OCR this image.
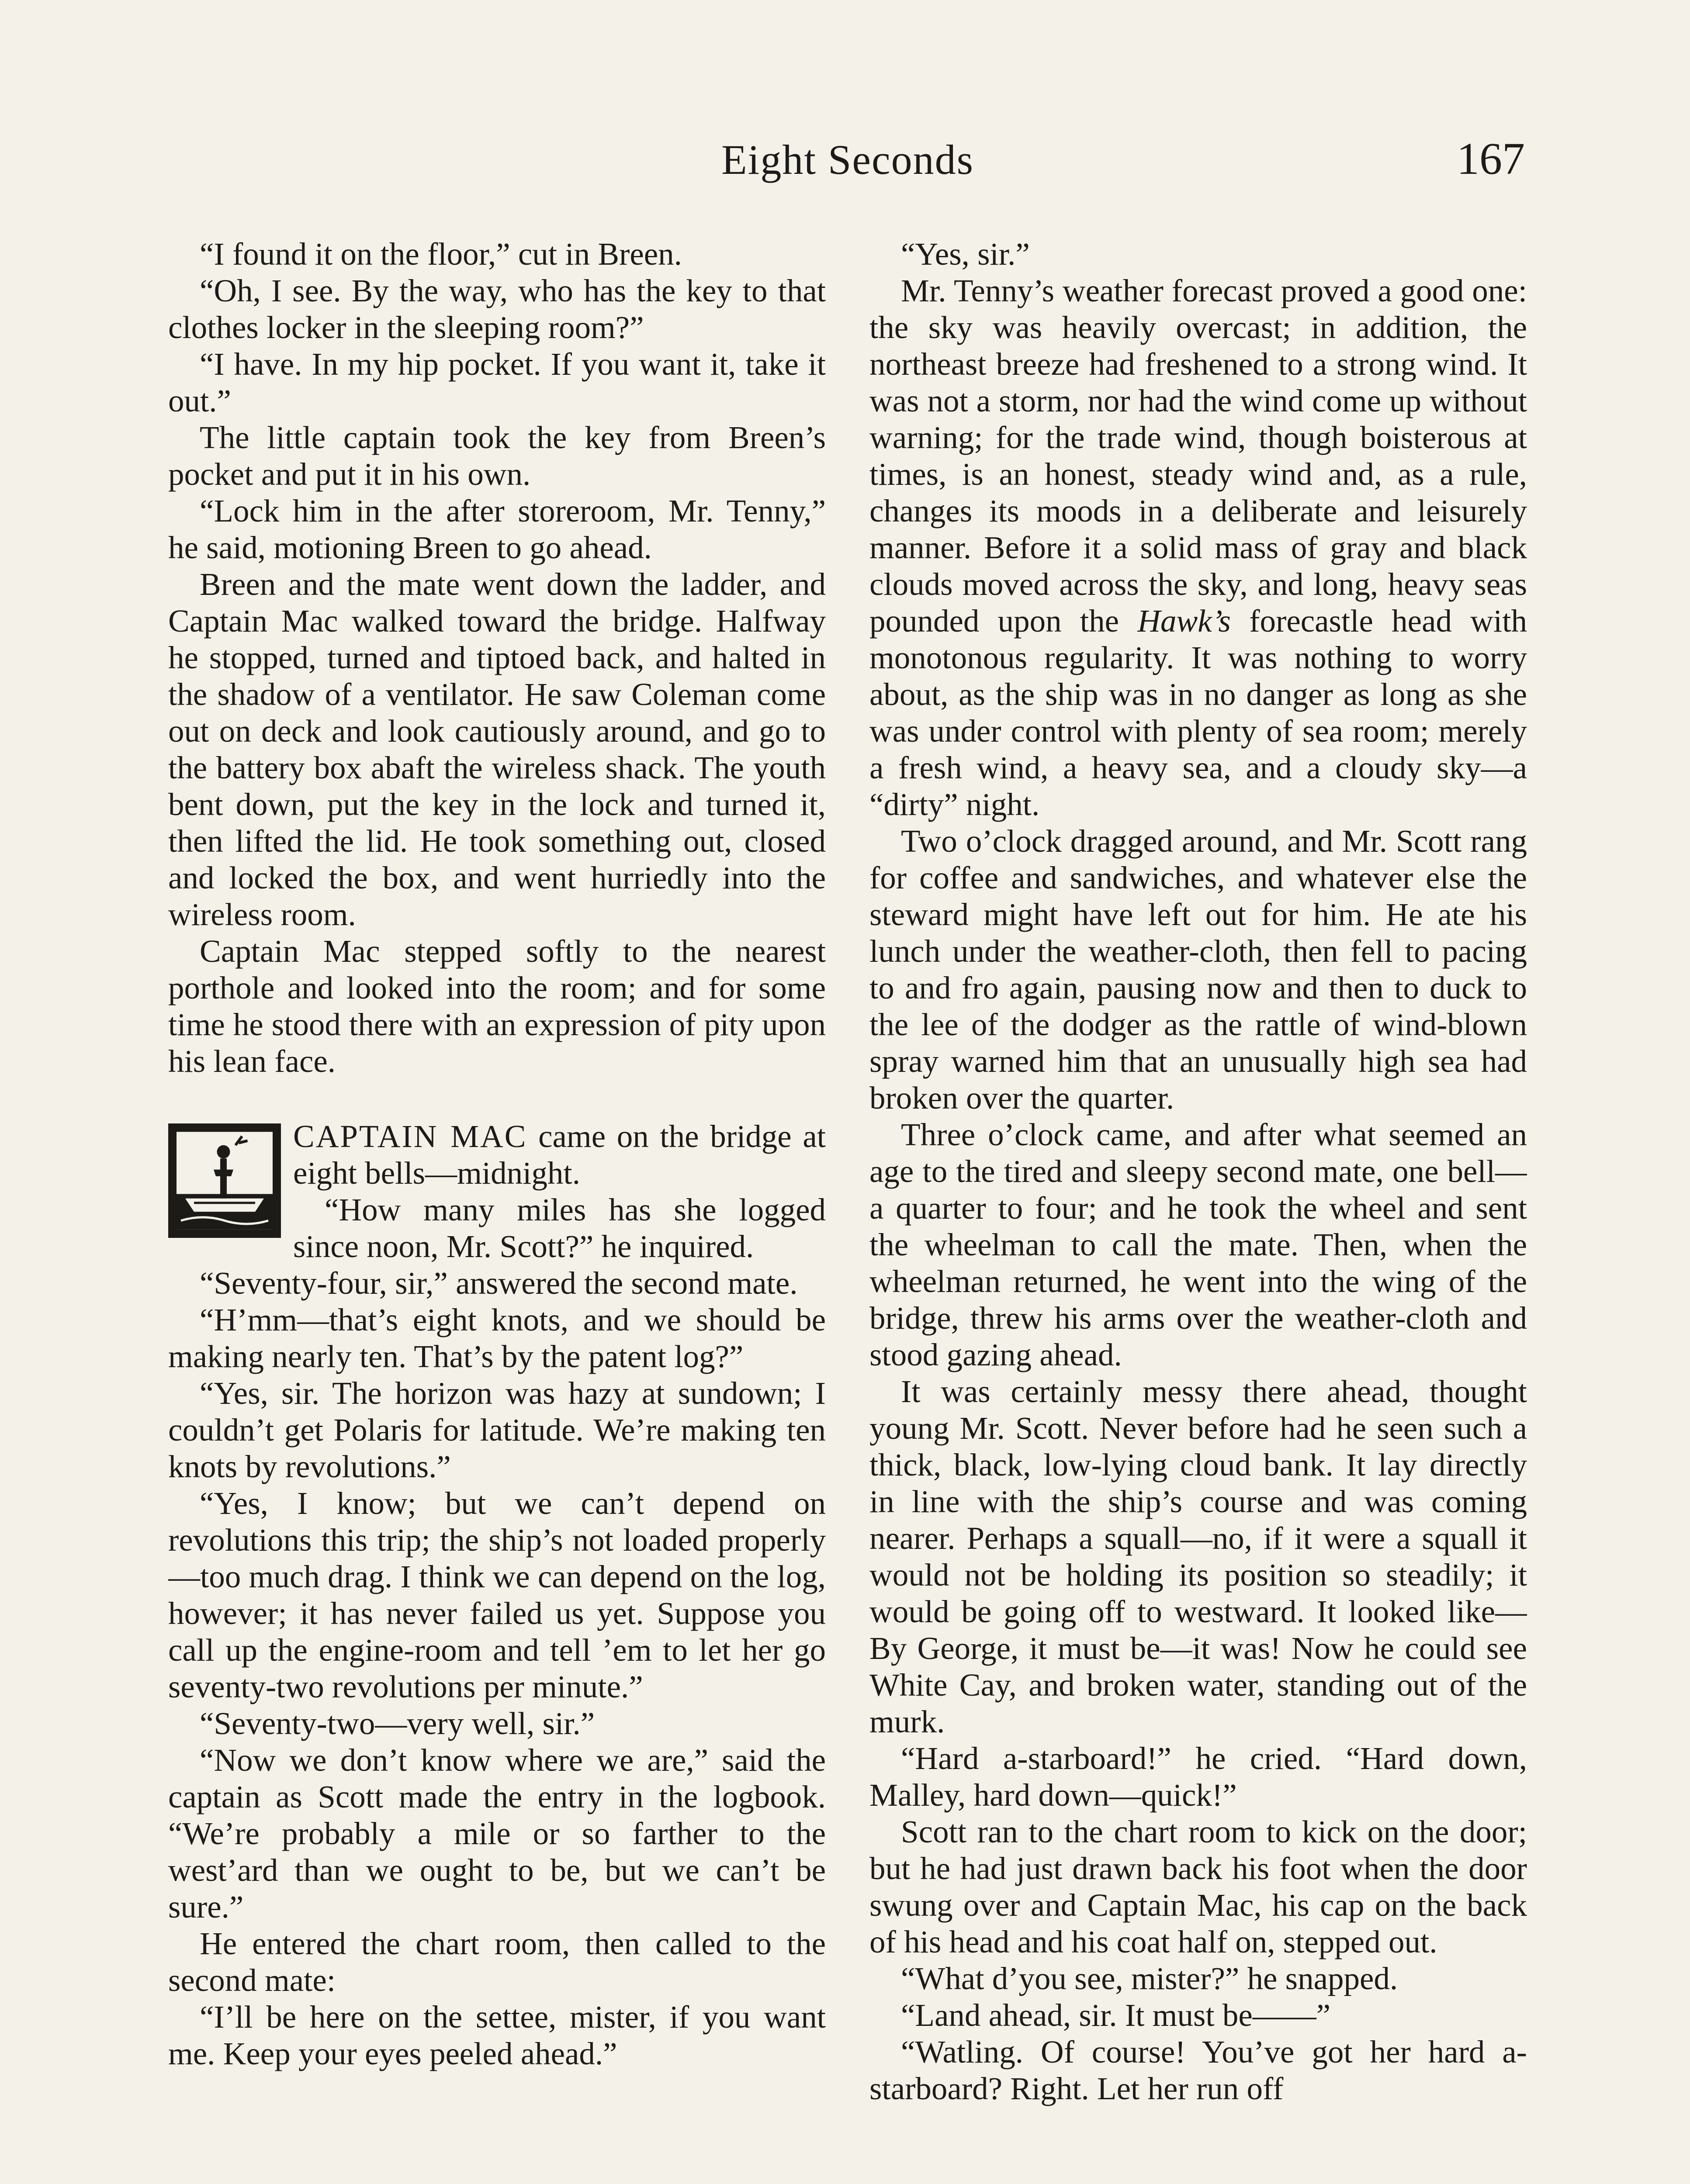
Eight Seconds	167

“I found it on the floor,” cut in Breen.

“Oh, I see. By the way, who has the key to that clothes locker in the sleeping room?”

“I have. In my hip pocket. If you want it, take it out.”

The little captain took the key from Breen’s pocket and put it in his own.

“Lock him in the after storeroom, Mr. Tenny,” he said, motioning Breen to go ahead.

Breen and the mate went down the ladder, and Captain Mac walked toward the bridge. Halfway he stopped, turned and tiptoed back, and halted in the shadow of a ventilator. He saw Coleman come out on deck and look cautiously around, and go to the battery box abaft the wireless shack. The youth bent down, put the key in the lock and turned it, then lifted the lid. He took something out, closed and locked the box, and went hurriedly into the wireless room.

Captain Mac stepped softly to the nearest porthole and looked into the room; and for some time he stood there with an expression of pity upon his lean face.

CAPTAIN MAC came on the bridge at eight bells—midnight.

“How many miles has she logged since noon, Mr. Scott?” he inquired.

“Seventy-four, sir,” answered the second mate.

“H’mm—that’s eight knots, and we should be making nearly ten. That’s by the patent log?”

“Yes, sir. The horizon was hazy at sundown; I couldn’t get Polaris for latitude. We’re making ten knots by revolutions.”

“Yes, I know; but we can’t depend on revolutions this trip; the ship’s not loaded properly—too much drag. I think we can depend on the log, however; it has never failed us yet. Suppose you call up the engine-room and tell ’em to let her go seventy-two revolutions per minute.”

“Seventy-two—very well, sir.”

“Now we don’t know where we are,” said the captain as Scott made the entry in the logbook. “We’re probably a mile or so farther to the west’ard than we ought to be, but we can’t be sure.”

He entered the chart room, then called to the second mate:

“I’ll be here on the settee, mister, if you want me. Keep your eyes peeled ahead.”

“Yes, sir.”

Mr. Tenny’s weather forecast proved a good one: the sky was heavily overcast; in addition, the northeast breeze had freshened to a strong wind. It was not a storm, nor had the wind come up without warning; for the trade wind, though boisterous at times, is an honest, steady wind and, as a rule, changes its moods in a deliberate and leisurely manner. Before it a solid mass of gray and black clouds moved across the sky, and long, heavy seas pounded upon the Hawk’s forecastle head with monotonous regularity. It was nothing to worry about, as the ship was in no danger as long as she was under control with plenty of sea room; merely a fresh wind, a heavy sea, and a cloudy sky—a “dirty” night.

Two o’clock dragged around, and Mr. Scott rang for coffee and sandwiches, and whatever else the steward might have left out for him. He ate his lunch under the weather-cloth, then fell to pacing to and fro again, pausing now and then to duck to the lee of the dodger as the rattle of wind-blown spray warned him that an unusually high sea had broken over the quarter.

Three o’clock came, and after what seemed an age to the tired and sleepy second mate, one bell—a quarter to four; and he took the wheel and sent the wheelman to call the mate. Then, when the wheelman returned, he went into the wing of the bridge, threw his arms over the weather-cloth and stood gazing ahead.

It was certainly messy there ahead, thought young Mr. Scott. Never before had he seen such a thick, black, low-lying cloud bank. It lay directly in line with the ship’s course and was coming nearer. Perhaps a squall—no, if it were a squall it would not be holding its position so steadily; it would be going off to westward. It looked like— By George, it must be—it was! Now he could see White Cay, and broken water, standing out of the murk.

“Hard a-starboard!” he cried. “Hard down, Malley, hard down—quick!”

Scott ran to the chart room to kick on the door; but he had just drawn back his foot when the door swung over and Captain Mac, his cap on the back of his head and his coat half on, stepped out.

“What d’you see, mister?” he snapped.

“Land ahead, sir. It must be——”

“Watling. Of course! You’ve got her hard a-starboard? Right. Let her run off
